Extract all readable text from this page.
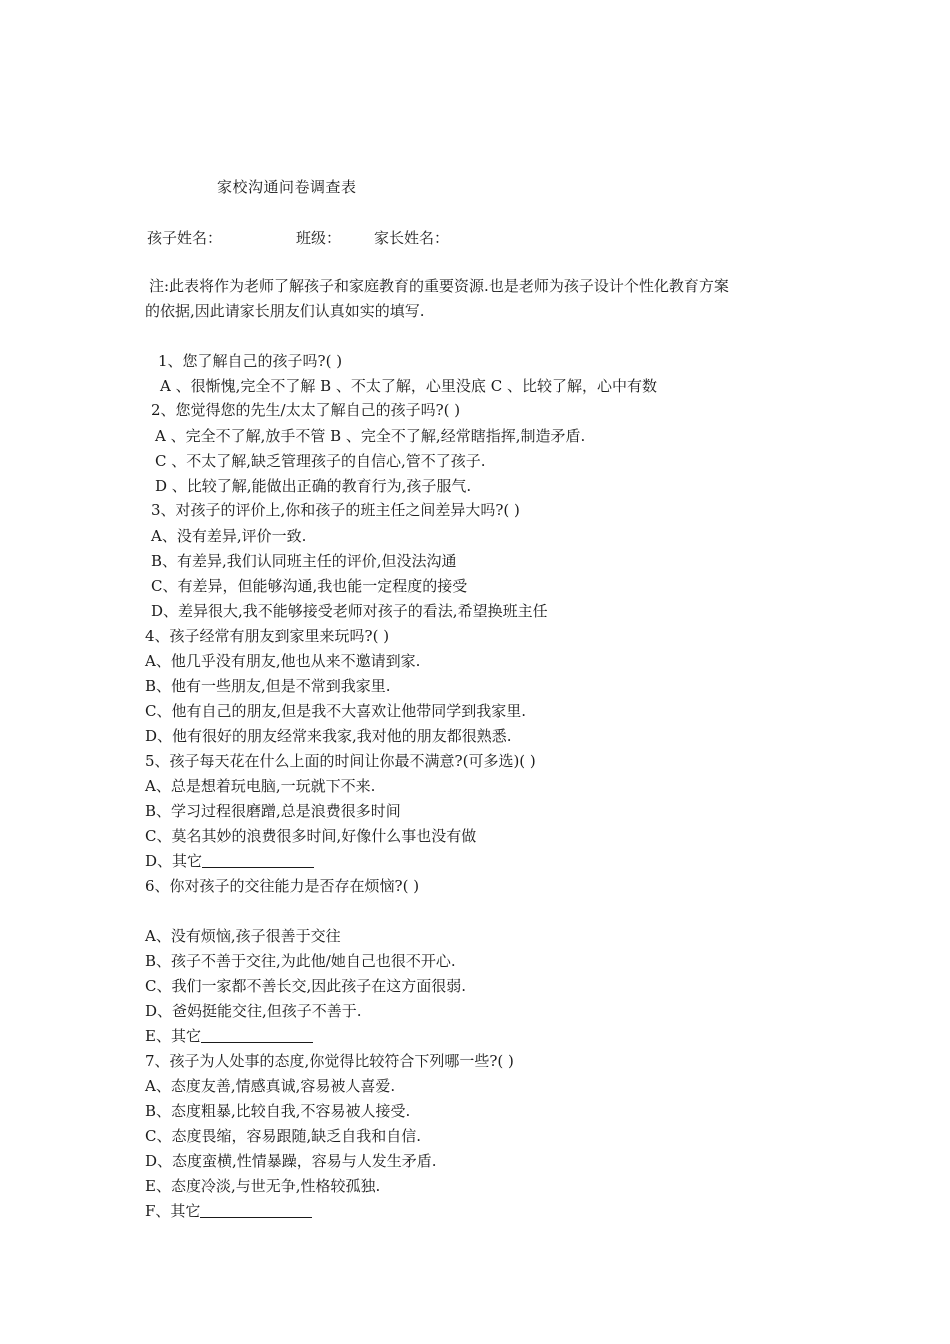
家校沟通问卷调查表
孩子姓名：	班级： 家长姓名：
注:此表将作为老师了解孩子和家庭教育的重要资源.也是老师为孩子设计个性化教育方案
的依据,因此请家长朋友们认真如实的填写.
1、您了解自己的孩子吗?( )
A 、很惭愧,完全不了解 B 、不太了解，心里没底 C 、比较了解，心中有数
2、您觉得您的先生/太太了解自己的孩子吗?( )
A 、完全不了解,放手不管 B 、完全不了解,经常瞎指挥,制造矛盾.
C 、不太了解,缺乏管理孩子的自信心,管不了孩子.
D 、比较了解,能做出正确的教育行为,孩子服气.
3、对孩子的评价上,你和孩子的班主任之间差异大吗?( )
A、没有差异,评价一致.
B、有差异,我们认同班主任的评价,但没法沟通
C、有差异，但能够沟通,我也能一定程度的接受
D、差异很大,我不能够接受老师对孩子的看法,希望换班主任
4、孩子经常有朋友到家里来玩吗?( )
A、他几乎没有朋友,他也从来不邀请到家.
B、他有一些朋友,但是不常到我家里.
C、他有自己的朋友,但是我不大喜欢让他带同学到我家里.
D、他有很好的朋友经常来我家,我对他的朋友都很熟悉.
5、孩子每天花在什么上面的时间让你最不满意?(可多选)( )
A、总是想着玩电脑,一玩就下不来.
B、学习过程很磨蹭,总是浪费很多时间
C、莫名其妙的浪费很多时间,好像什么事也没有做
D、其它
6、你对孩子的交往能力是否存在烦恼?( )
A、没有烦恼,孩子很善于交往
B、孩子不善于交往,为此他/她自己也很不开心.
C、我们一家都不善长交,因此孩子在这方面很弱.
D、爸妈挺能交往,但孩子不善于.
E、其它
7、孩子为人处事的态度,你觉得比较符合下列哪一些?( )
A、态度友善,情感真诚,容易被人喜爱.
B、态度粗暴,比较自我,不容易被人接受.
C、态度畏缩，容易跟随,缺乏自我和自信.
D、态度蛮横,性情暴躁，容易与人发生矛盾.
E、态度冷淡,与世无争,性格较孤独.
F、其它
